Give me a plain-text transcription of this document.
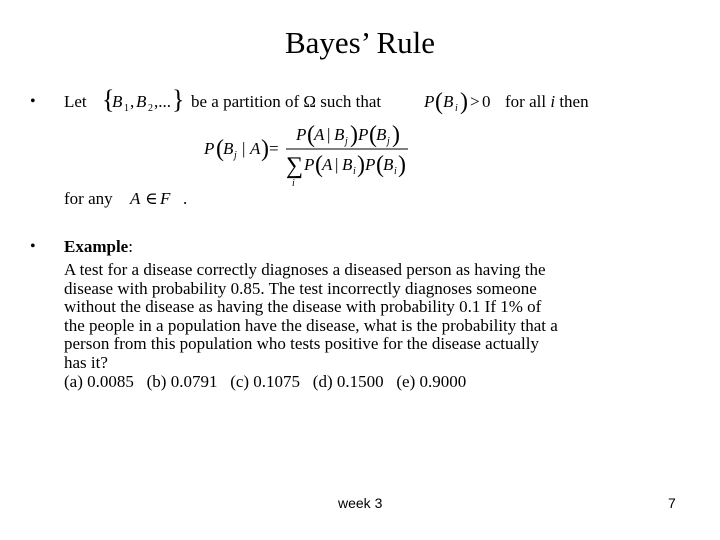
Bayes’ Rule
• Let {
B 1 , B 2 ,... } be a partition of Ω such that	P ( B i ) > 0 for all i then
P ( B j | A ) =
P ( A | B j ) P ( B j )
∑
i
P ( A | B i ) P ( B i )
for any A ∈ F .
• Example:
A test for a disease correctly diagnoses a diseased person as having the
disease with probability 0.85. The test incorrectly diagnoses someone
without the disease as having the disease with probability 0.1 If 1% of
the people in a population have the disease, what is the probability that a
person from this population who tests positive for the disease actually
has it?
(a) 0.0085   (b) 0.0791   (c) 0.1075   (d) 0.1500   (e) 0.9000
week 3	7
